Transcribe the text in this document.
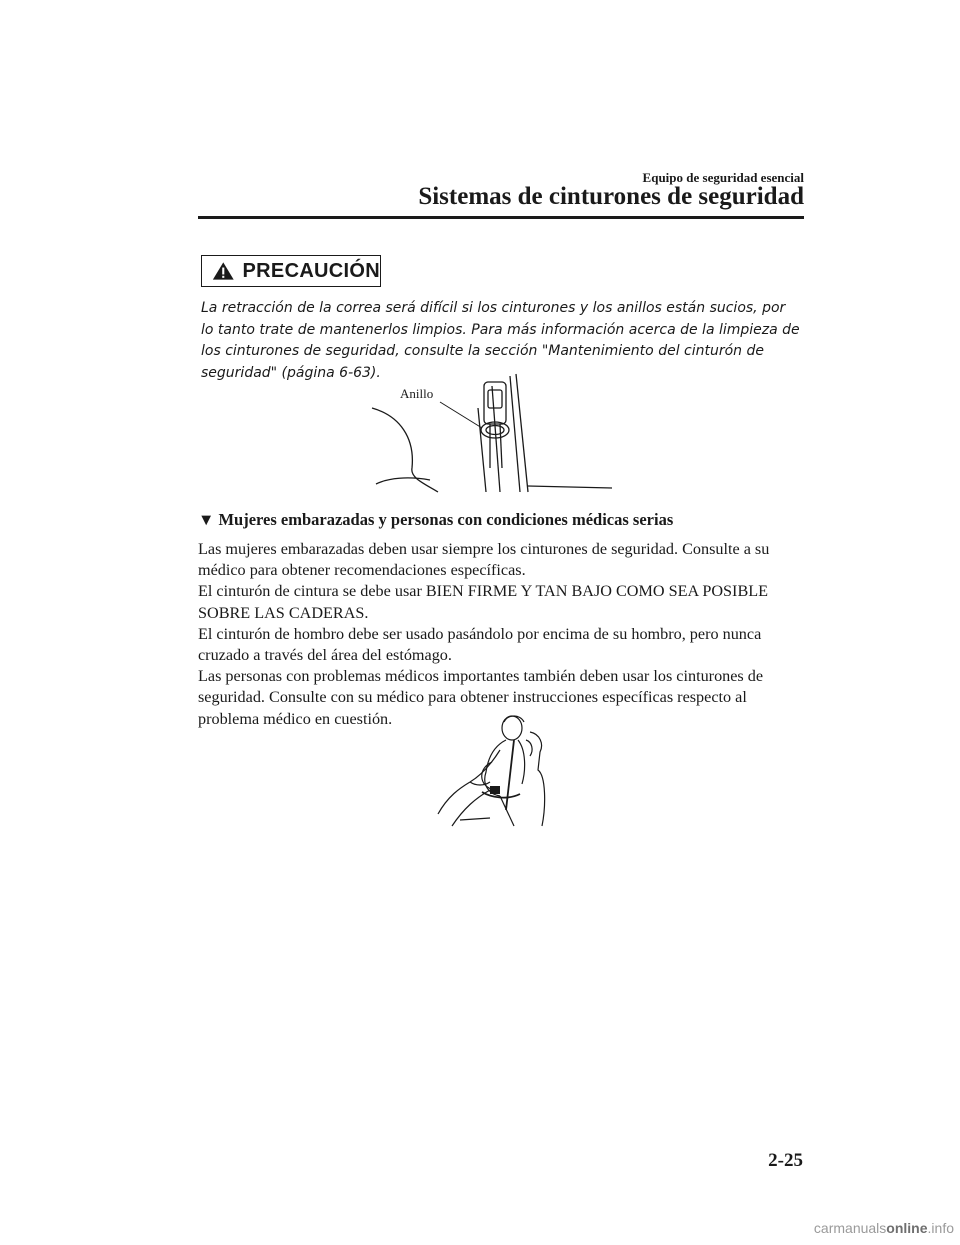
Equipo de seguridad esencial
Sistemas de cinturones de seguridad
PRECAUCIÓN
La retracción de la correa será difícil si los cinturones y los anillos están sucios, por lo tanto trate de mantenerlos limpios. Para más información acerca de la limpieza de los cinturones de seguridad, consulte la sección "Mantenimiento del cinturón de seguridad" (página 6-63).
Anillo
▼ Mujeres embarazadas y personas con condiciones médicas serias

Las mujeres embarazadas deben usar siempre los cinturones de seguridad. Consulte a su médico para obtener recomendaciones específicas.

El cinturón de cintura se debe usar BIEN FIRME Y TAN BAJO COMO SEA POSIBLE SOBRE LAS CADERAS.

El cinturón de hombro debe ser usado pasándolo por encima de su hombro, pero nunca cruzado a través del área del estómago.

Las personas con problemas médicos importantes también deben usar los cinturones de seguridad. Consulte con su médico para obtener instrucciones específicas respecto al problema médico en cuestión.

2-25
carmanualsonline.info
